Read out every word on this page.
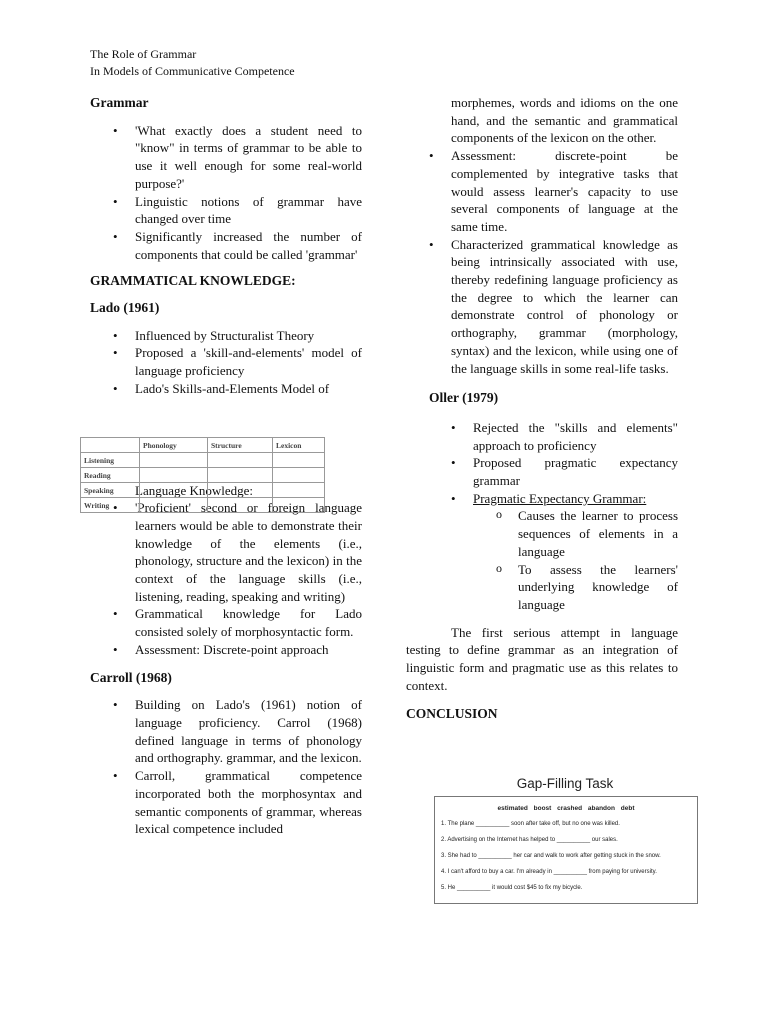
The Role of Grammar
In Models of Communicative Competence
Grammar
• 'What exactly does a student need to "know" in terms of grammar to be able to use it well enough for some real-world purpose?'
• Linguistic notions of grammar have changed over time
• Significantly increased the number of components that could be called 'grammar'
GRAMMATICAL KNOWLEDGE:
Lado (1961)
• Influenced by Structuralist Theory
• Proposed a 'skill-and-elements' model of language proficiency
• Lado's Skills-and-Elements Model of
Language Knowledge:
• 'Proficient' second or foreign language learners would be able to demonstrate their knowledge of the elements (i.e., phonology, structure and the lexicon) in the context of the language skills (i.e., listening, reading, speaking and writing)
• Grammatical knowledge for Lado consisted solely of morphosyntactic form.
• Assessment: Discrete-point approach
Carroll (1968)
• Building on Lado's (1961) notion of language proficiency. Carrol (1968) defined language in terms of phonology and orthography. grammar, and the lexicon.
• Carroll, grammatical competence incorporated both the morphosyntax and semantic components of grammar, whereas lexical competence included
	Phonology	Structure	Lexicon
Listening			
Reading			
Speaking			
Writing			

morphemes, words and idioms on the one hand, and the semantic and grammatical components of the lexicon on the other.

• Assessment: discrete-point be complemented by integrative tasks that would assess learner's capacity to use several components of language at the same time.
• Characterized grammatical knowledge as being intrinsically associated with use, thereby redefining language proficiency as the degree to which the learner can demonstrate control of phonology or orthography, grammar (morphology, syntax) and the lexicon, while using one of the language skills in some real-life tasks.
Oller (1979)
• Rejected the "skills and elements" approach to proficiency
• Proposed pragmatic expectancy grammar
• Pragmatic Expectancy Grammar:
o Causes the learner to process sequences of elements in a language
o To assess the learners' underlying knowledge of language

The first serious attempt in language testing to define grammar as an integration of linguistic form and pragmatic use as this relates to context.

CONCLUSION
Gap-Filling Task
estimated boost crashed abandon debt
1. The plane __________ soon after take off, but no one was killed.
2. Advertising on the Internet has helped to __________ our sales.
3. She had to __________ her car and walk to work after getting stuck in the snow.
4. I can't afford to buy a car. I'm already in __________ from paying for university.
5. He __________ it would cost $45 to fix my bicycle.
